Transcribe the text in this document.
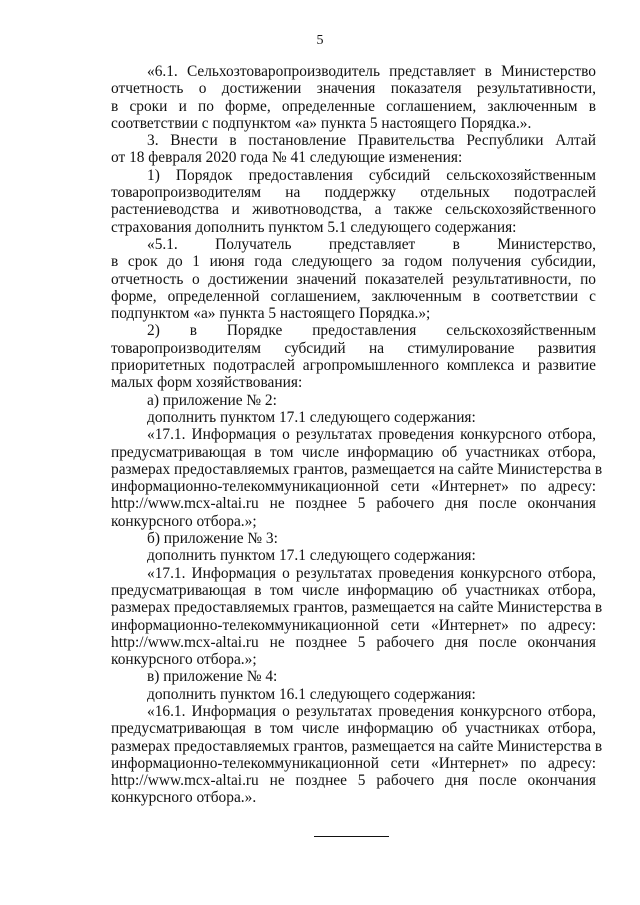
5
«6.1. Сельхозтоваропроизводитель представляет в Министерство
отчетность о достижении значения показателя результативности,
в сроки и по форме, определенные соглашением, заключенным в
соответствии с подпунктом «а» пункта 5 настоящего Порядка.».
3. Внести в постановление Правительства Республики Алтай
от 18 февраля 2020 года № 41 следующие изменения:
1) Порядок предоставления субсидий сельскохозяйственным
товаропроизводителям на поддержку отдельных подотраслей
растениеводства и животноводства, а также сельскохозяйственного
страхования дополнить пунктом 5.1 следующего содержания:
«5.1. Получатель представляет в Министерство,
в срок до 1 июня года следующего за годом получения субсидии,
отчетность о достижении значений показателей результативности, по
форме, определенной соглашением, заключенным в соответствии с
подпунктом «а» пункта 5 настоящего Порядка.»;
2) в Порядке предоставления сельскохозяйственным
товаропроизводителям субсидий на стимулирование развития
приоритетных подотраслей агропромышленного комплекса и развитие
малых форм хозяйствования:
а) приложение № 2:
дополнить пунктом 17.1 следующего содержания:
«17.1. Информация о результатах проведения конкурсного отбора,
предусматривающая в том числе информацию об участниках отбора,
размерах предоставляемых грантов, размещается на сайте Министерства в
информационно-телекоммуникационной сети «Интернет» по адресу:
http://www.mcx-altai.ru не позднее 5 рабочего дня после окончания
конкурсного отбора.»;
б) приложение № 3:
дополнить пунктом 17.1 следующего содержания:
«17.1. Информация о результатах проведения конкурсного отбора,
предусматривающая в том числе информацию об участниках отбора,
размерах предоставляемых грантов, размещается на сайте Министерства в
информационно-телекоммуникационной сети «Интернет» по адресу:
http://www.mcx-altai.ru не позднее 5 рабочего дня после окончания
конкурсного отбора.»;
в) приложение № 4:
дополнить пунктом 16.1 следующего содержания:
«16.1. Информация о результатах проведения конкурсного отбора,
предусматривающая в том числе информацию об участниках отбора,
размерах предоставляемых грантов, размещается на сайте Министерства в
информационно-телекоммуникационной сети «Интернет» по адресу:
http://www.mcx-altai.ru не позднее 5 рабочего дня после окончания
конкурсного отбора.».
